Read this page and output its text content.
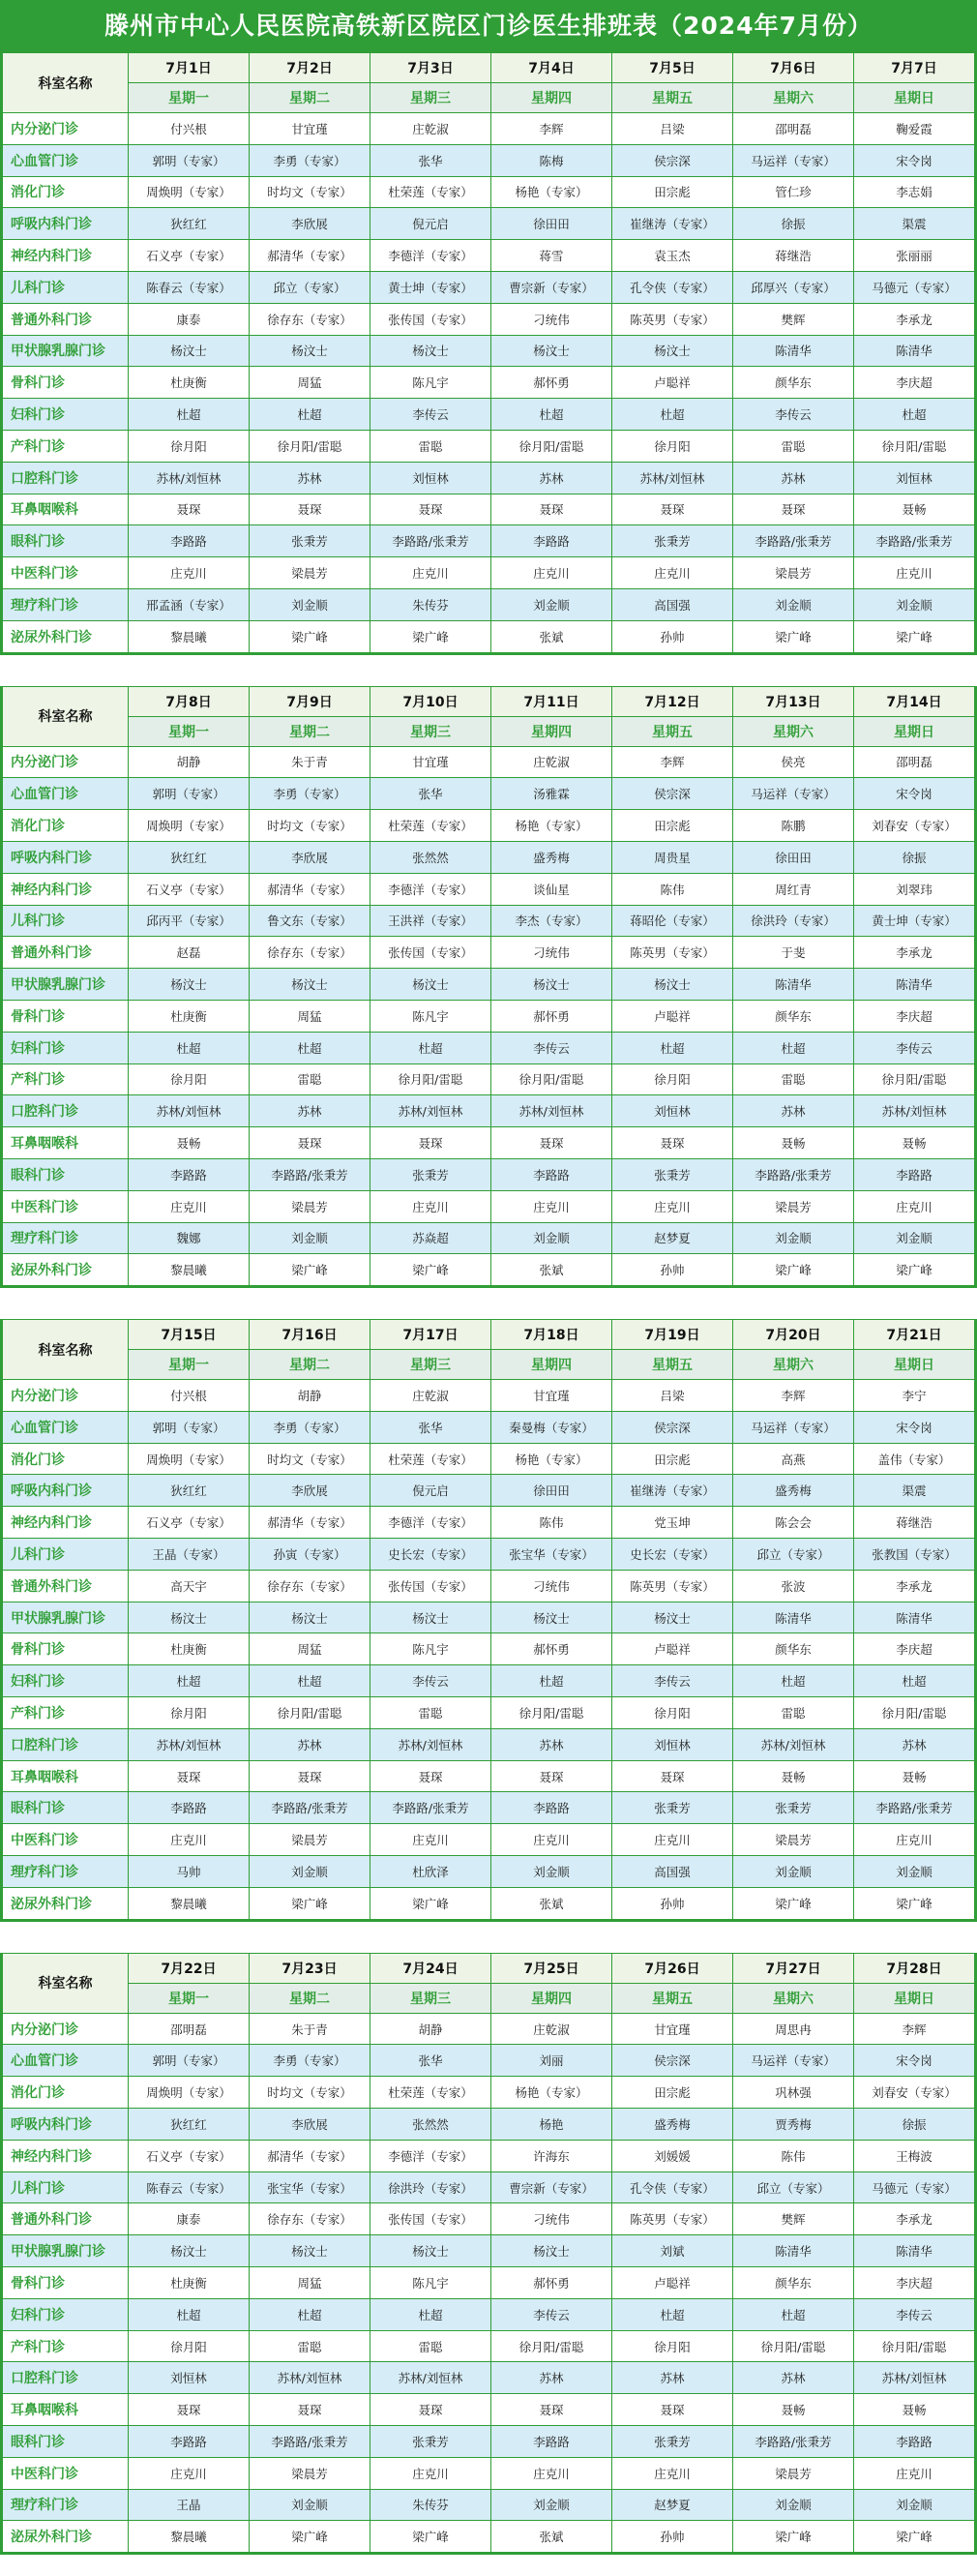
滕州市中心人民医院高铁新区院区门诊医生排班表（2024年7月份）
科室名称	7月1日	7月2日	7月3日	7月4日	7月5日	7月6日	7月7日
	星期一	星期二	星期三	星期四	星期五	星期六	星期日
内分泌门诊	付兴根	甘宜瑾	庄乾淑	李辉	吕梁	邵明磊	鞠爱霞
心血管门诊	郭明（专家）	李勇（专家）	张华	陈梅	侯宗深	马运祥（专家）	宋令岗
消化门诊	周焕明（专家）	时均文（专家）	杜荣莲（专家）	杨艳（专家）	田宗彪	管仁珍	李志娟
呼吸内科门诊	狄红红	李欣展	倪元启	徐田田	崔继涛（专家）	徐振	渠震
神经内科门诊	石义亭（专家）	郝清华（专家）	李德洋（专家）	蒋雪	袁玉杰	蒋继浩	张丽丽
儿科门诊	陈春云（专家）	邱立（专家）	黄士坤（专家）	曹宗新（专家）	孔令侠（专家）	邱厚兴（专家）	马德元（专家）
普通外科门诊	康泰	徐存东（专家）	张传国（专家）	刁统伟	陈英男（专家）	樊辉	李承龙
甲状腺乳腺门诊	杨汶士	杨汶士	杨汶士	杨汶士	杨汶士	陈清华	陈清华
骨科门诊	杜庚衡	周猛	陈凡宇	郝怀勇	卢聪祥	颜华东	李庆超
妇科门诊	杜超	杜超	李传云	杜超	杜超	李传云	杜超
产科门诊	徐月阳	徐月阳/雷聪	雷聪	徐月阳/雷聪	徐月阳	雷聪	徐月阳/雷聪
口腔科门诊	苏林/刘恒林	苏林	刘恒林	苏林	苏林/刘恒林	苏林	刘恒林
耳鼻咽喉科	聂琛	聂琛	聂琛	聂琛	聂琛	聂琛	聂畅
眼科门诊	李路路	张秉芳	李路路/张秉芳	李路路	张秉芳	李路路/张秉芳	李路路/张秉芳
中医科门诊	庄克川	梁晨芳	庄克川	庄克川	庄克川	梁晨芳	庄克川
理疗科门诊	邢孟涵（专家）	刘金顺	朱传芬	刘金顺	高国强	刘金顺	刘金顺
泌尿外科门诊	黎晨曦	梁广峰	梁广峰	张斌	孙帅	梁广峰	梁广峰
科室名称	7月8日	7月9日	7月10日	7月11日	7月12日	7月13日	7月14日
	星期一	星期二	星期三	星期四	星期五	星期六	星期日
内分泌门诊	胡静	朱于青	甘宜瑾	庄乾淑	李辉	侯亮	邵明磊
心血管门诊	郭明（专家）	李勇（专家）	张华	汤雅霖	侯宗深	马运祥（专家）	宋令岗
消化门诊	周焕明（专家）	时均文（专家）	杜荣莲（专家）	杨艳（专家）	田宗彪	陈鹏	刘春安（专家）
呼吸内科门诊	狄红红	李欣展	张然然	盛秀梅	周贵星	徐田田	徐振
神经内科门诊	石义亭（专家）	郝清华（专家）	李德洋（专家）	谈仙星	陈伟	周红青	刘翠玮
儿科门诊	邱丙平（专家）	鲁文东（专家）	王洪祥（专家）	李杰（专家）	蒋昭伦（专家）	徐洪玲（专家）	黄士坤（专家）
普通外科门诊	赵磊	徐存东（专家）	张传国（专家）	刁统伟	陈英男（专家）	于斐	李承龙
甲状腺乳腺门诊	杨汶士	杨汶士	杨汶士	杨汶士	杨汶士	陈清华	陈清华
骨科门诊	杜庚衡	周猛	陈凡宇	郝怀勇	卢聪祥	颜华东	李庆超
妇科门诊	杜超	杜超	杜超	李传云	杜超	杜超	李传云
产科门诊	徐月阳	雷聪	徐月阳/雷聪	徐月阳/雷聪	徐月阳	雷聪	徐月阳/雷聪
口腔科门诊	苏林/刘恒林	苏林	苏林/刘恒林	苏林/刘恒林	刘恒林	苏林	苏林/刘恒林
耳鼻咽喉科	聂畅	聂琛	聂琛	聂琛	聂琛	聂畅	聂畅
眼科门诊	李路路	李路路/张秉芳	张秉芳	李路路	张秉芳	李路路/张秉芳	李路路
中医科门诊	庄克川	梁晨芳	庄克川	庄克川	庄克川	梁晨芳	庄克川
理疗科门诊	魏娜	刘金顺	苏焱超	刘金顺	赵梦夏	刘金顺	刘金顺
泌尿外科门诊	黎晨曦	梁广峰	梁广峰	张斌	孙帅	梁广峰	梁广峰
科室名称	7月15日	7月16日	7月17日	7月18日	7月19日	7月20日	7月21日
	星期一	星期二	星期三	星期四	星期五	星期六	星期日
内分泌门诊	付兴根	胡静	庄乾淑	甘宜瑾	吕梁	李辉	李宁
心血管门诊	郭明（专家）	李勇（专家）	张华	秦曼梅（专家）	侯宗深	马运祥（专家）	宋令岗
消化门诊	周焕明（专家）	时均文（专家）	杜荣莲（专家）	杨艳（专家）	田宗彪	高燕	盖伟（专家）
呼吸内科门诊	狄红红	李欣展	倪元启	徐田田	崔继涛（专家）	盛秀梅	渠震
神经内科门诊	石义亭（专家）	郝清华（专家）	李德洋（专家）	陈伟	党玉坤	陈会会	蒋继浩
儿科门诊	王晶（专家）	孙寅（专家）	史长宏（专家）	张宝华（专家）	史长宏（专家）	邱立（专家）	张教国（专家）
普通外科门诊	高天宇	徐存东（专家）	张传国（专家）	刁统伟	陈英男（专家）	张波	李承龙
甲状腺乳腺门诊	杨汶士	杨汶士	杨汶士	杨汶士	杨汶士	陈清华	陈清华
骨科门诊	杜庚衡	周猛	陈凡宇	郝怀勇	卢聪祥	颜华东	李庆超
妇科门诊	杜超	杜超	李传云	杜超	李传云	杜超	杜超
产科门诊	徐月阳	徐月阳/雷聪	雷聪	徐月阳/雷聪	徐月阳	雷聪	徐月阳/雷聪
口腔科门诊	苏林/刘恒林	苏林	苏林/刘恒林	苏林	刘恒林	苏林/刘恒林	苏林
耳鼻咽喉科	聂琛	聂琛	聂琛	聂琛	聂琛	聂畅	聂畅
眼科门诊	李路路	李路路/张秉芳	李路路/张秉芳	李路路	张秉芳	张秉芳	李路路/张秉芳
中医科门诊	庄克川	梁晨芳	庄克川	庄克川	庄克川	梁晨芳	庄克川
理疗科门诊	马帅	刘金顺	杜欣泽	刘金顺	高国强	刘金顺	刘金顺
泌尿外科门诊	黎晨曦	梁广峰	梁广峰	张斌	孙帅	梁广峰	梁广峰
科室名称	7月22日	7月23日	7月24日	7月25日	7月26日	7月27日	7月28日
	星期一	星期二	星期三	星期四	星期五	星期六	星期日
内分泌门诊	邵明磊	朱于青	胡静	庄乾淑	甘宜瑾	周思冉	李辉
心血管门诊	郭明（专家）	李勇（专家）	张华	刘丽	侯宗深	马运祥（专家）	宋令岗
消化门诊	周焕明（专家）	时均文（专家）	杜荣莲（专家）	杨艳（专家）	田宗彪	巩林强	刘春安（专家）
呼吸内科门诊	狄红红	李欣展	张然然	杨艳	盛秀梅	贾秀梅	徐振
神经内科门诊	石义亭（专家）	郝清华（专家）	李德洋（专家）	许海东	刘媛媛	陈伟	王梅波
儿科门诊	陈春云（专家）	张宝华（专家）	徐洪玲（专家）	曹宗新（专家）	孔令侠（专家）	邱立（专家）	马德元（专家）
普通外科门诊	康泰	徐存东（专家）	张传国（专家）	刁统伟	陈英男（专家）	樊辉	李承龙
甲状腺乳腺门诊	杨汶士	杨汶士	杨汶士	杨汶士	刘斌	陈清华	陈清华
骨科门诊	杜庚衡	周猛	陈凡宇	郝怀勇	卢聪祥	颜华东	李庆超
妇科门诊	杜超	杜超	杜超	李传云	杜超	杜超	李传云
产科门诊	徐月阳	雷聪	雷聪	徐月阳/雷聪	徐月阳	徐月阳/雷聪	徐月阳/雷聪
口腔科门诊	刘恒林	苏林/刘恒林	苏林/刘恒林	苏林	苏林	苏林	苏林/刘恒林
耳鼻咽喉科	聂琛	聂琛	聂琛	聂琛	聂琛	聂畅	聂畅
眼科门诊	李路路	李路路/张秉芳	张秉芳	李路路	张秉芳	李路路/张秉芳	李路路
中医科门诊	庄克川	梁晨芳	庄克川	庄克川	庄克川	梁晨芳	庄克川
理疗科门诊	王晶	刘金顺	朱传芬	刘金顺	赵梦夏	刘金顺	刘金顺
泌尿外科门诊	黎晨曦	梁广峰	梁广峰	张斌	孙帅	梁广峰	梁广峰
